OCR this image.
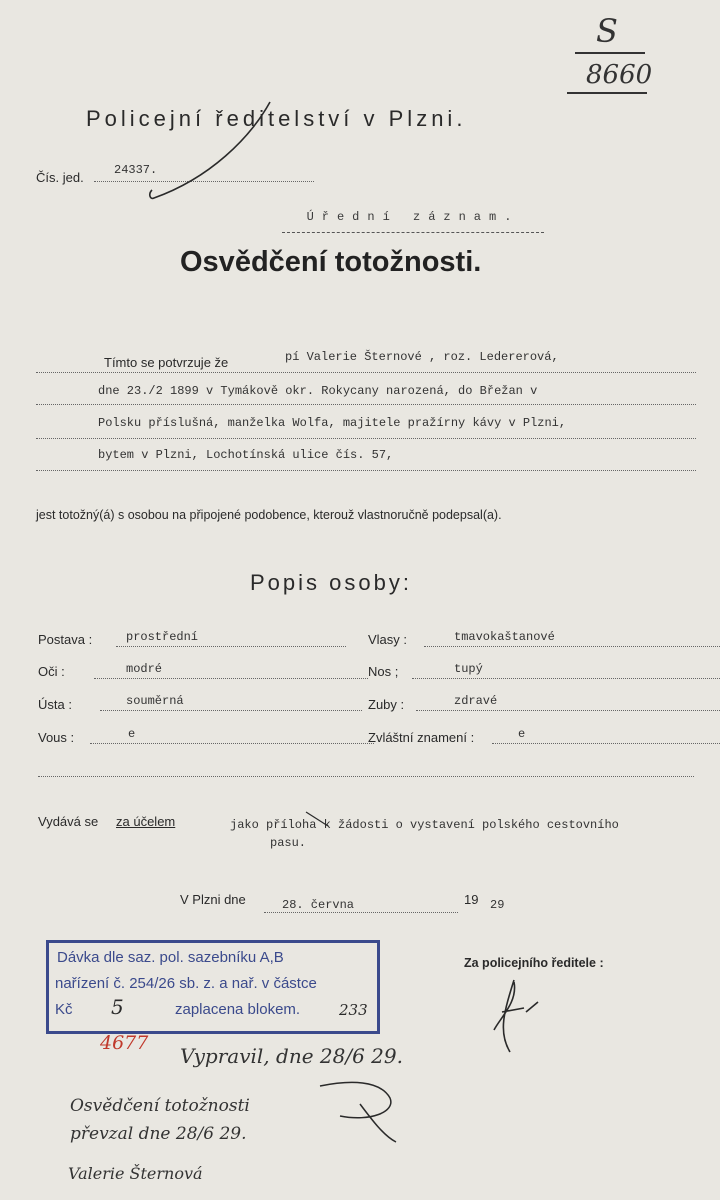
S
8660
Policejní ředitelství v Plzni.
Čís. jed.	24337.
Úřední záznam.
Osvědčení totožnosti.
Tímto se potvrzuje že	pí Valerie Šternové , roz. Ledererová,
dne 23./2 1899 v Tymákově okr. Rokycany narozená, do Břežan v
Polsku příslušná, manželka Wolfa, majitele pražírny kávy v Plzni,
bytem v Plzni, Lochotínská ulice čís. 57,
jest totožný(á) s osobou na připojené podobence, kterouž vlastnoručně podepsal(a).
Popis osoby:
Postava :	prostřední
Oči :	modré
Ústa :	souměrná
Vous :	e
Vlasy :	tmavokaštanové
Nos ;	tupý
Zuby :	zdravé
Zvláštní znamení :	e
Vydává se za účelem	jako příloha k žádosti o vystavení polského cestovního
pasu.
V Plzni dne	28. června	19 29
Dávka dle saz. pol. sazebníku A,B
nařízení č. 254/26 sb. z. a nař. v částce
Kč 5	zaplacena blokem.	233
Za policejního ředitele :
4677
Vypravil, dne 28/6 29.
Osvědčení totožnosti
převzal dne 28/6 29.
Valerie Šternová
